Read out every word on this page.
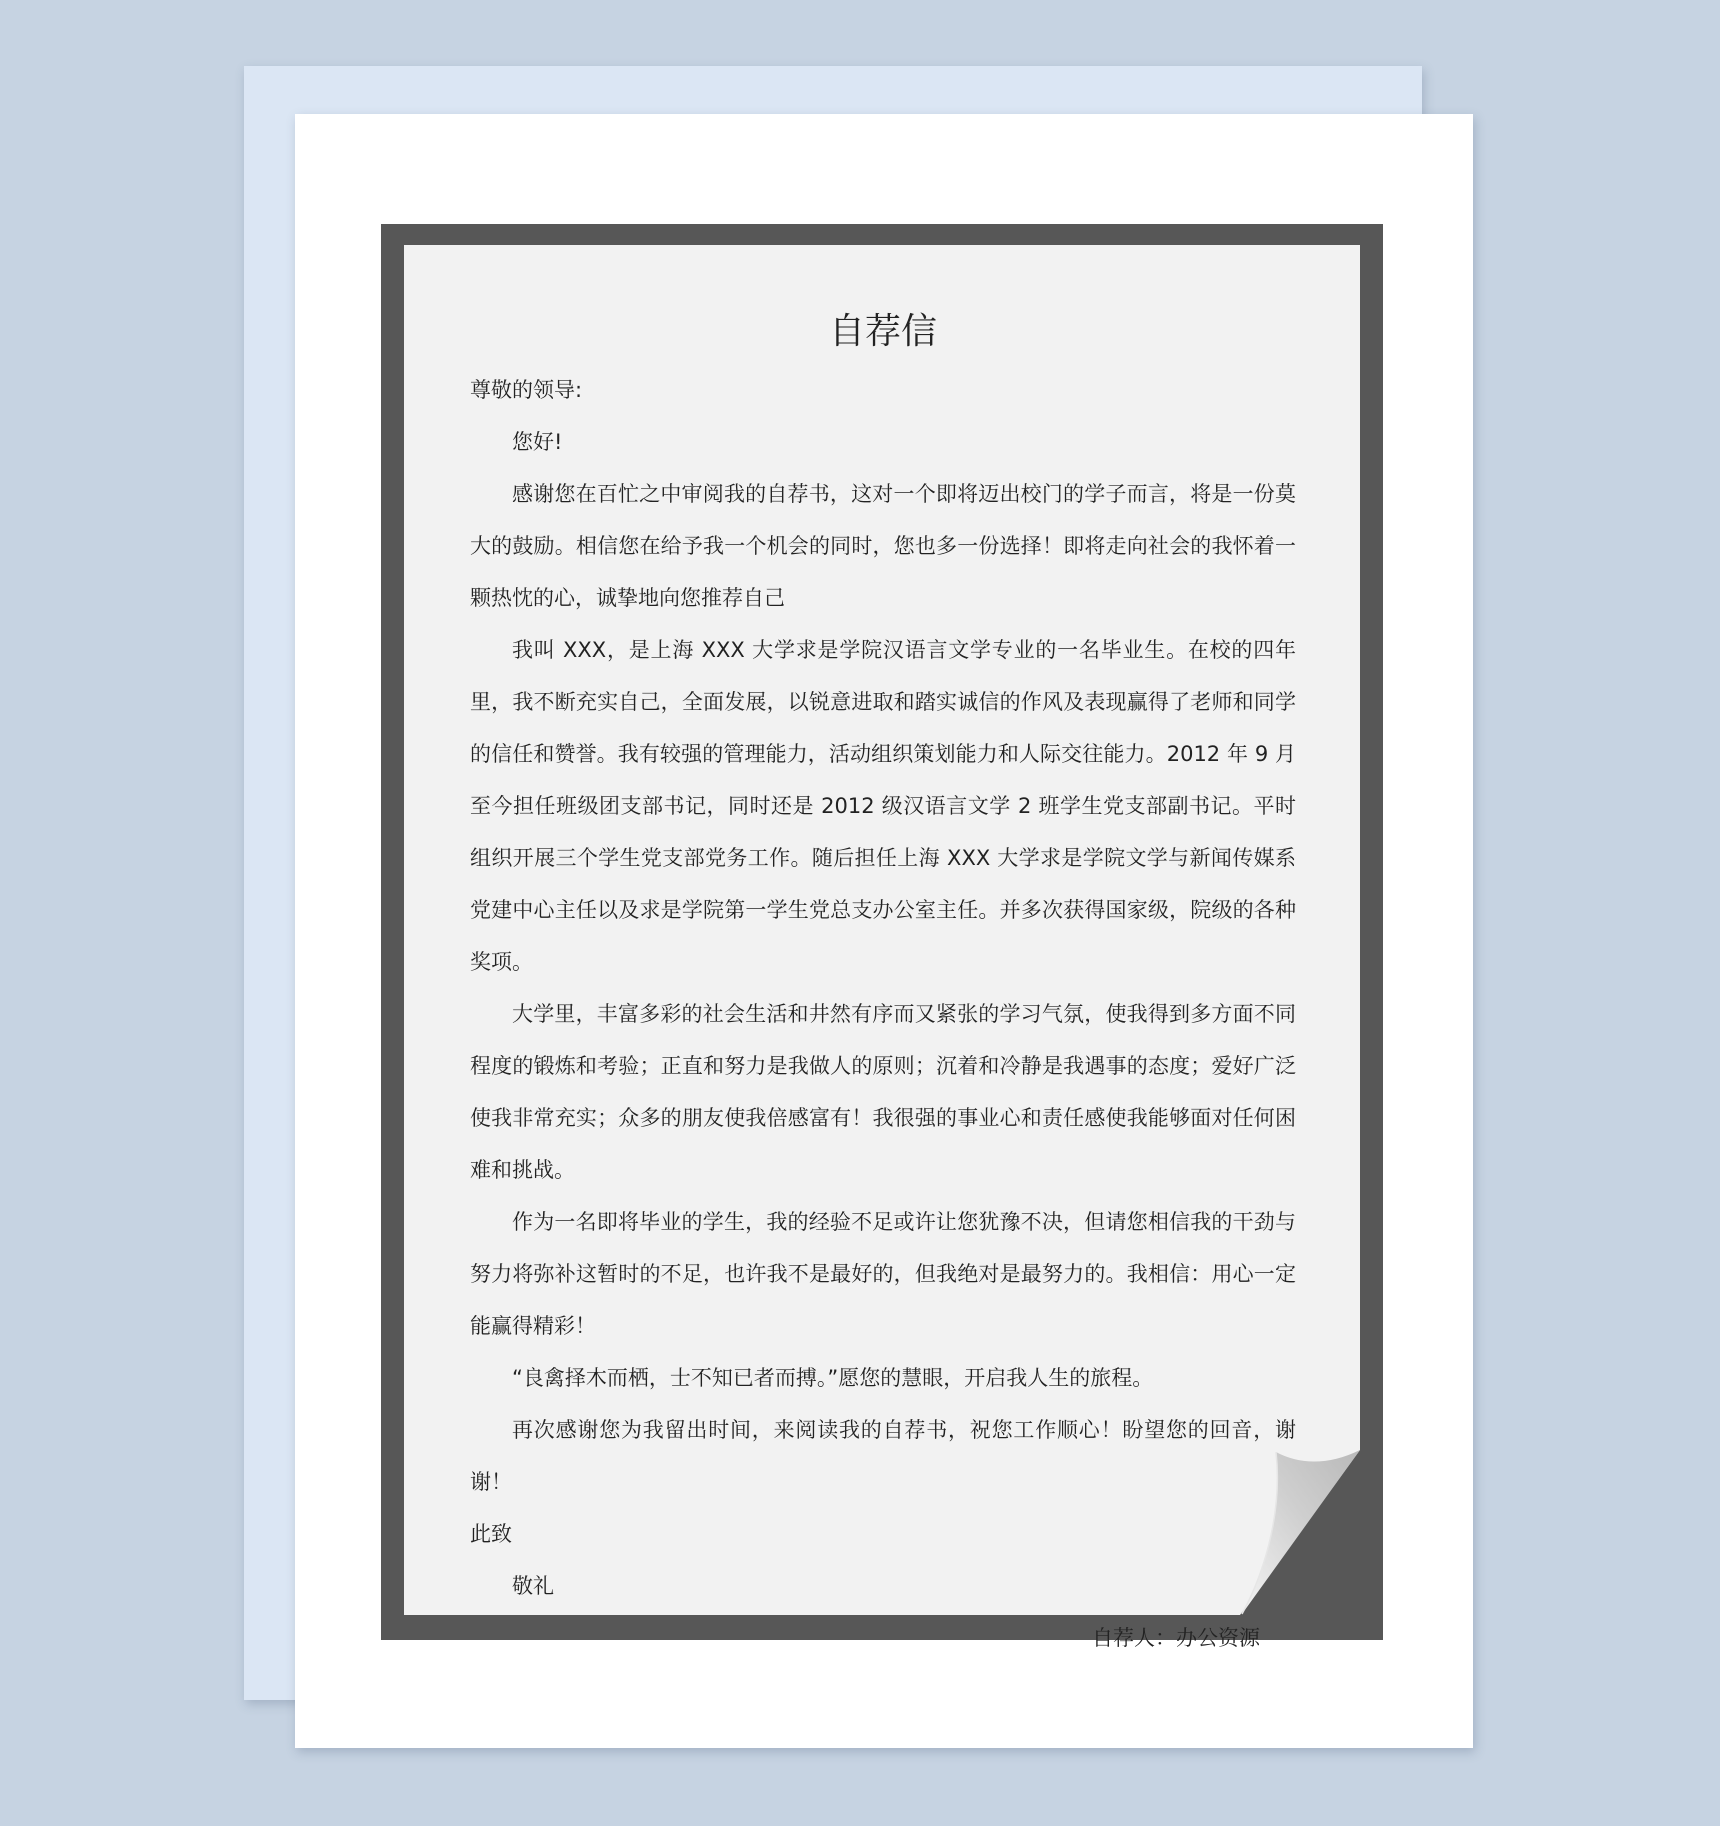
自荐信

尊敬的领导:

您好!

感谢您在百忙之中审阅我的自荐书，这对一个即将迈出校门的学子而言，将是一份莫大的鼓励。相信您在给予我一个机会的同时，您也多一份选择！即将走向社会的我怀着一颗热忱的心，诚挚地向您推荐自己

我叫 XXX，是上海 XXX 大学求是学院汉语言文学专业的一名毕业生。在校的四年里，我不断充实自己，全面发展，以锐意进取和踏实诚信的作风及表现赢得了老师和同学的信任和赞誉。我有较强的管理能力，活动组织策划能力和人际交往能力。2012 年 9 月至今担任班级团支部书记，同时还是 2012 级汉语言文学 2 班学生党支部副书记。平时组织开展三个学生党支部党务工作。随后担任上海 XXX 大学求是学院文学与新闻传媒系党建中心主任以及求是学院第一学生党总支办公室主任。并多次获得国家级，院级的各种奖项。

大学里，丰富多彩的社会生活和井然有序而又紧张的学习气氛，使我得到多方面不同程度的锻炼和考验；正直和努力是我做人的原则；沉着和冷静是我遇事的态度；爱好广泛使我非常充实；众多的朋友使我倍感富有！我很强的事业心和责任感使我能够面对任何困难和挑战。

作为一名即将毕业的学生，我的经验不足或许让您犹豫不决，但请您相信我的干劲与努力将弥补这暂时的不足，也许我不是最好的，但我绝对是最努力的。我相信：用心一定能赢得精彩！

“良禽择木而栖，士不知已者而搏。”愿您的慧眼，开启我人生的旅程。

再次感谢您为我留出时间，来阅读我的自荐书，祝您工作顺心！盼望您的回音，谢谢！

此致

敬礼

自荐人：办公资源
